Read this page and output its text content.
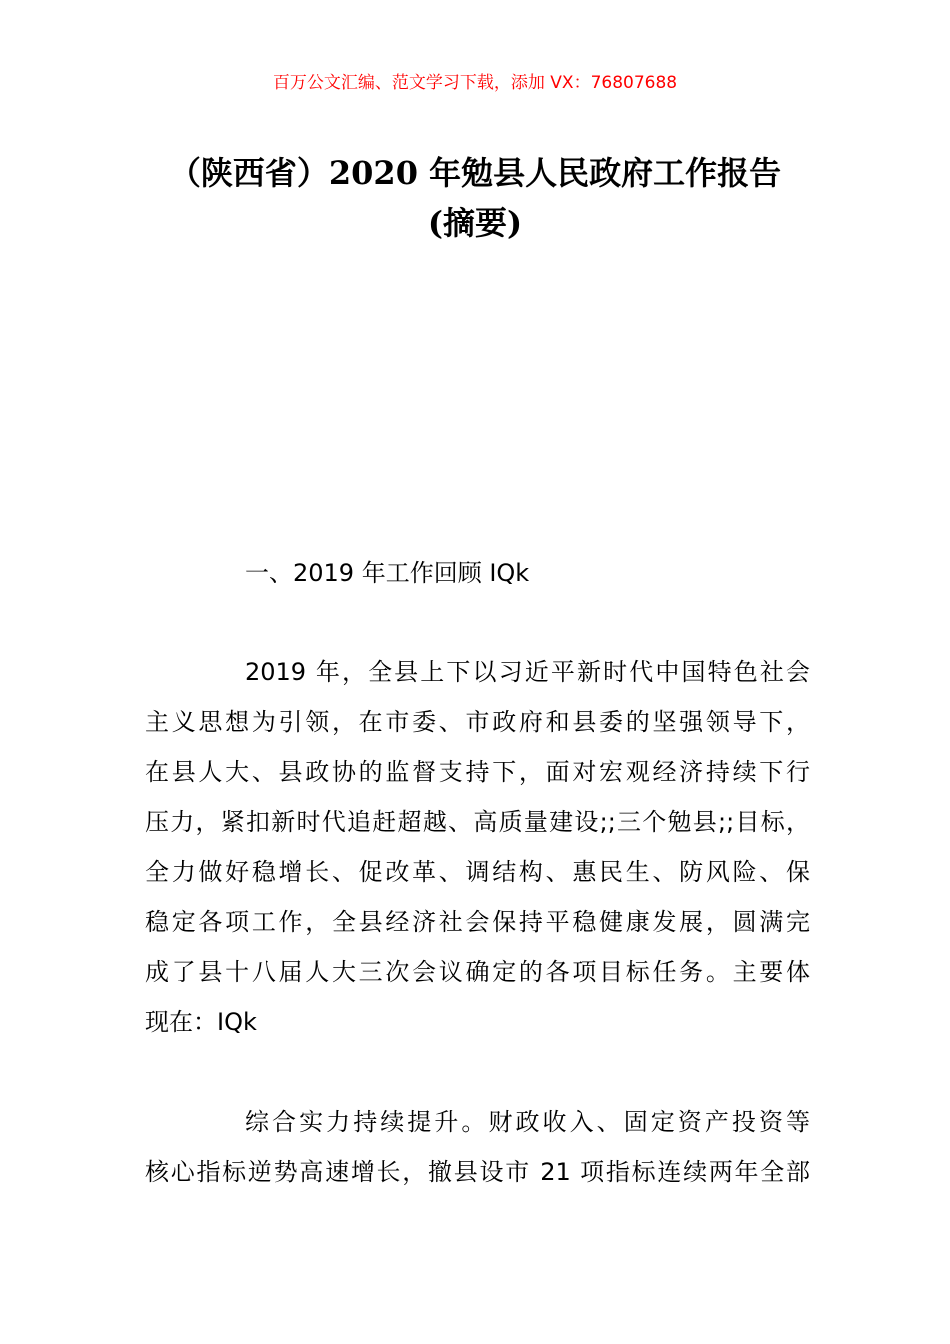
百万公文汇编、范文学习下载，添加 VX：76807688
（陕西省）2020 年勉县人民政府工作报告
(摘要)
一、2019 年工作回顾 IQk
2019 年，全县上下以习近平新时代中国特色社会
主义思想为引领，在市委、市政府和县委的坚强领导下，
在县人大、县政协的监督支持下，面对宏观经济持续下行
压力，紧扣新时代追赶超越、高质量建设;;三个勉县;;目标，
全力做好稳增长、促改革、调结构、惠民生、防风险、保
稳定各项工作，全县经济社会保持平稳健康发展，圆满完
成了县十八届人大三次会议确定的各项目标任务。主要体
现在：IQk
综合实力持续提升。财政收入、固定资产投资等
核心指标逆势高速增长，撤县设市 21 项指标连续两年全部
